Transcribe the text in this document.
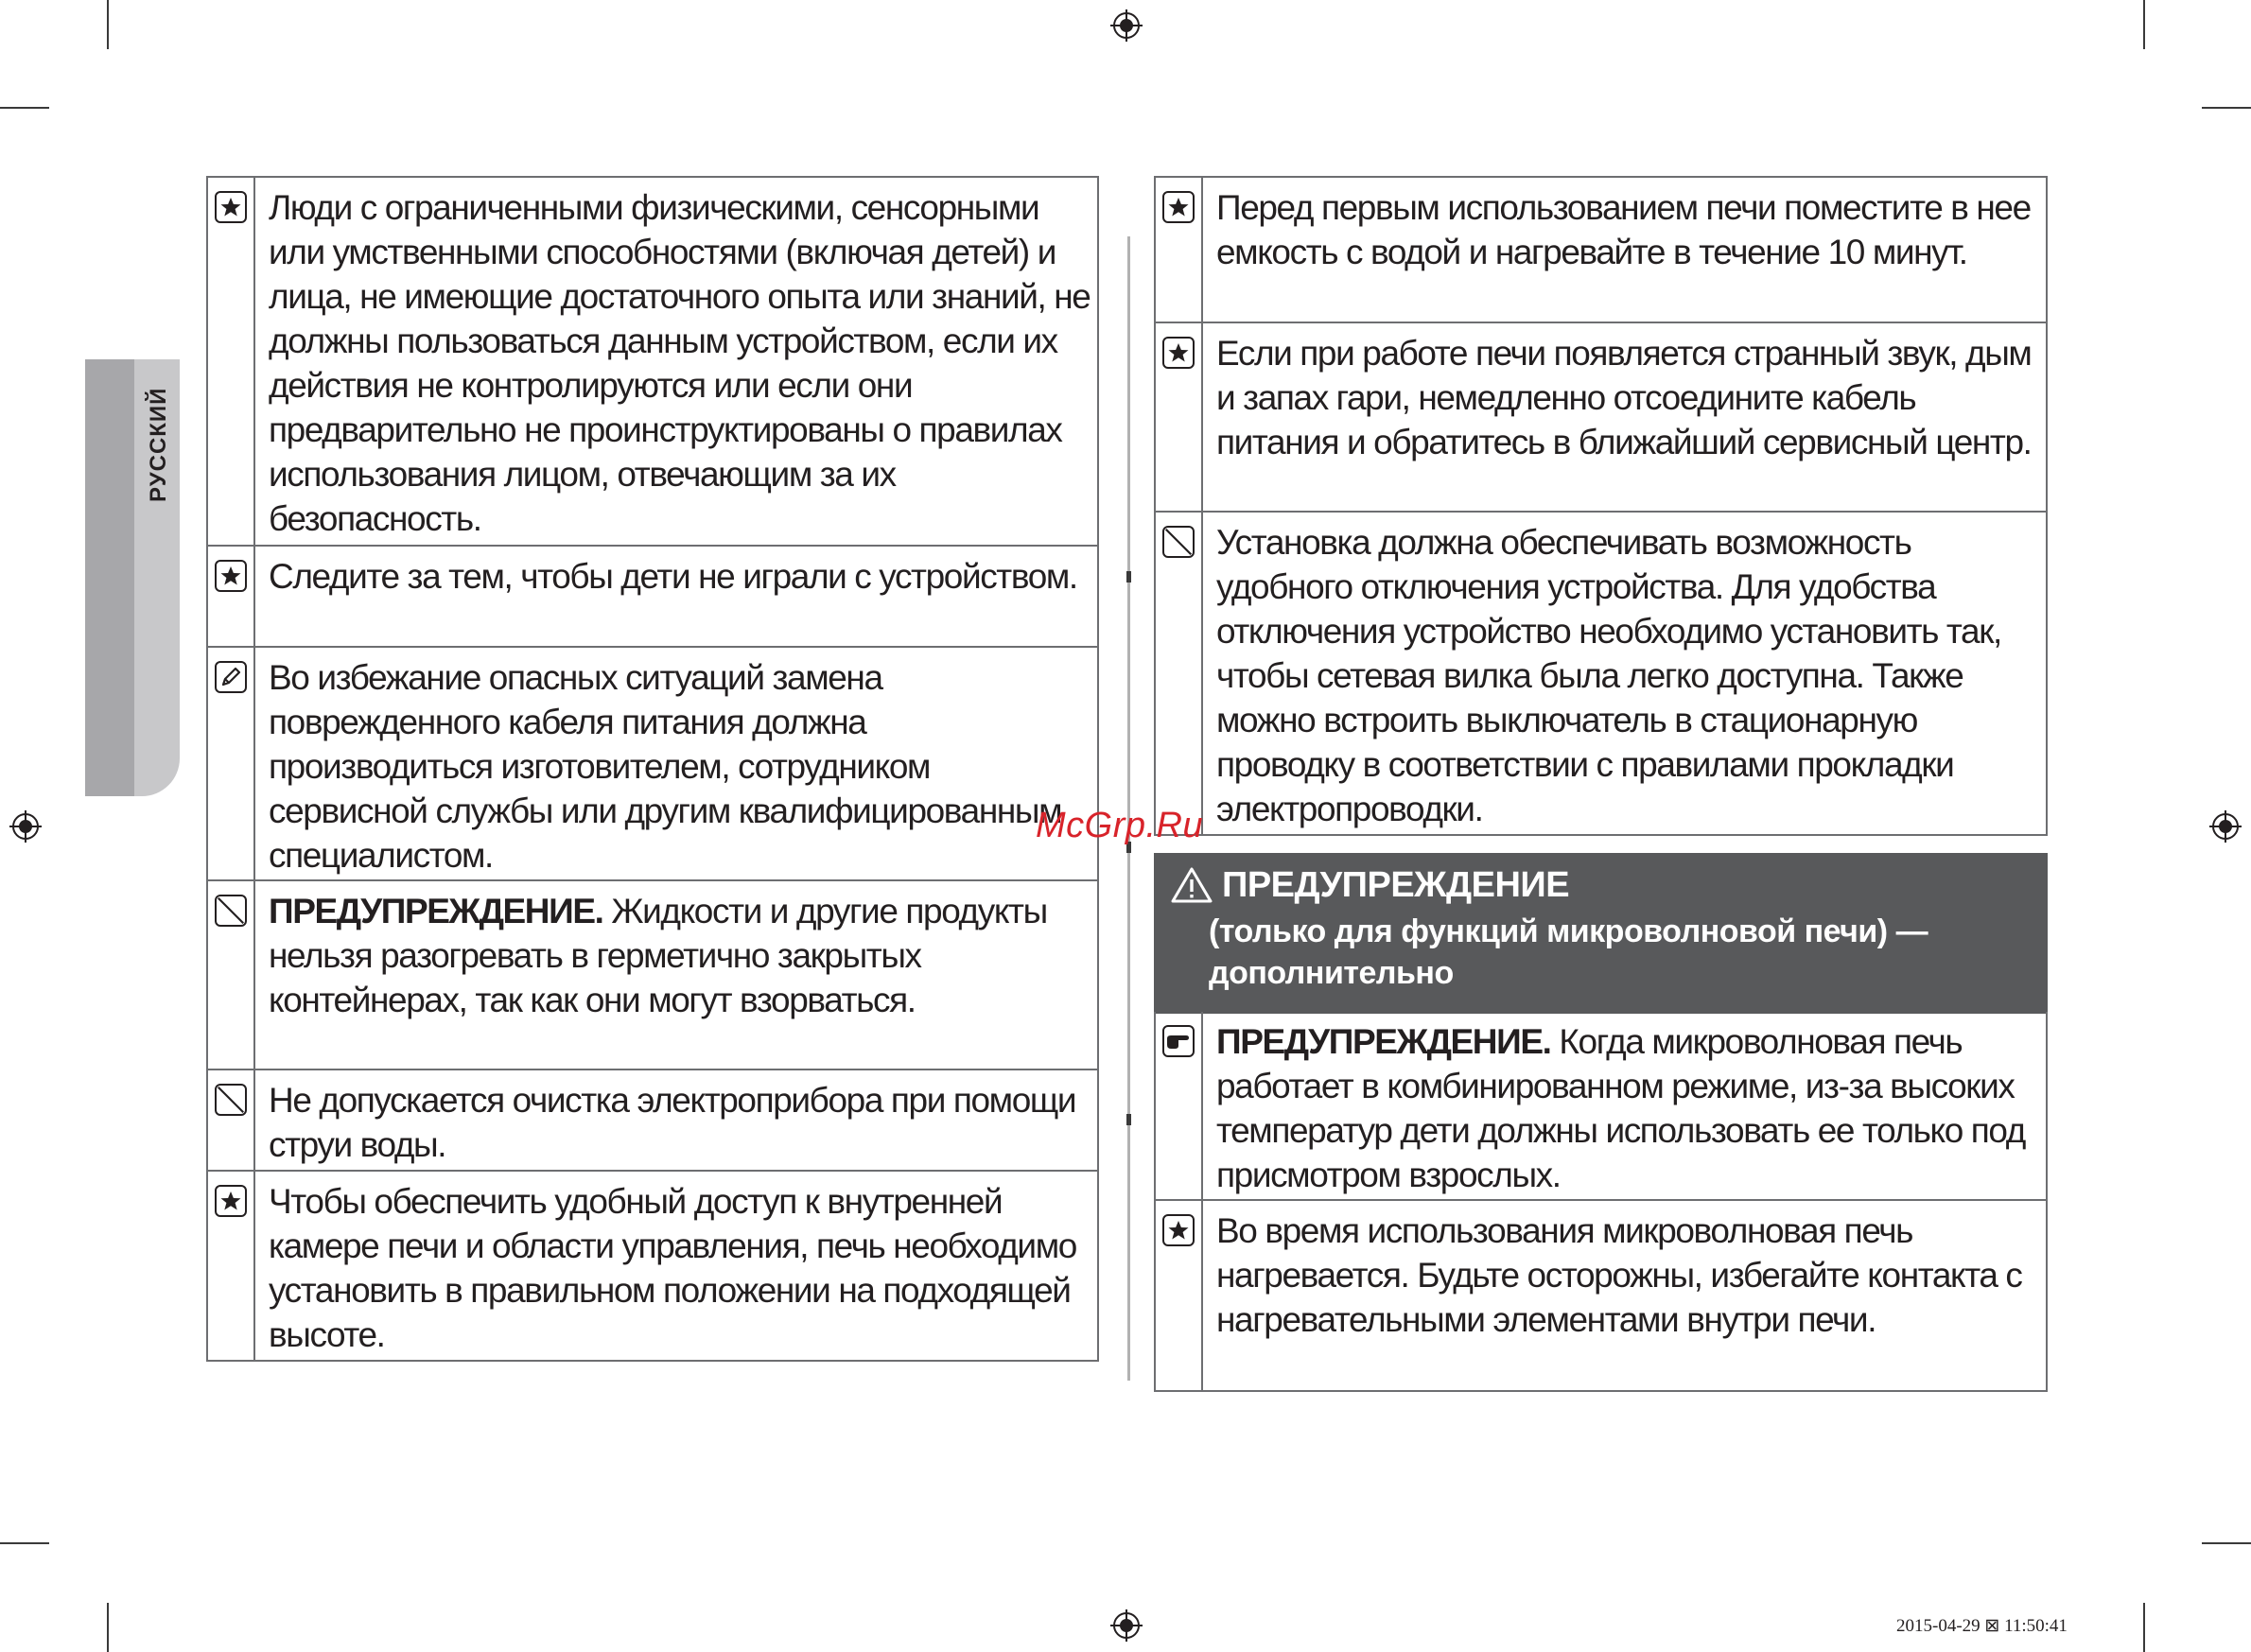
РУССКИЙ
Люди с ограниченными физическими, сенсорными или умственными способностями (включая детей) и лица, не имеющие достаточного опыта или знаний, не должны пользоваться данным устройством, если их действия не контролируются или если они предварительно не проинструктированы о правилах использования лицом, отвечающим за их безопасность.
Следите за тем, чтобы дети не играли с устройством.
Во избежание опасных ситуаций замена поврежденного кабеля питания должна производиться изготовителем, сотрудником сервисной службы или другим квалифицированным специалистом.
ПРЕДУПРЕЖДЕНИЕ. Жидкости и другие продукты нельзя разогревать в герметично закрытых контейнерах, так как они могут взорваться.
Не допускается очистка электроприбора при помощи струи воды.
Чтобы обеспечить удобный доступ к внутренней камере печи и области управления, печь необходимо установить в правильном положении на подходящей высоте.
Перед первым использованием печи поместите в нее емкость с водой и нагревайте в течение 10 минут.
Если при работе печи появляется странный звук, дым и запах гари, немедленно отсоедините кабель питания и обратитесь в ближайший сервисный центр.
Установка должна обеспечивать возможность удобного отключения устройства. Для удобства отключения устройство необходимо установить так, чтобы сетевая вилка была легко доступна. Также можно встроить выключатель в стационарную проводку в соответствии с правилами прокладки электропроводки.
McGrp.Ru
ПРЕДУПРЕЖДЕНИЕ
(только для функций микроволновой печи) —
дополнительно
ПРЕДУПРЕЖДЕНИЕ. Когда микроволновая печь работает в комбинированном режиме, из-за высоких температур дети должны использовать ее только под присмотром взрослых.
Во время использования микроволновая печь нагревается. Будьте осторожны, избегайте контакта с нагревательными элементами внутри печи.
2015-04-29 ⊠ 11:50:41
